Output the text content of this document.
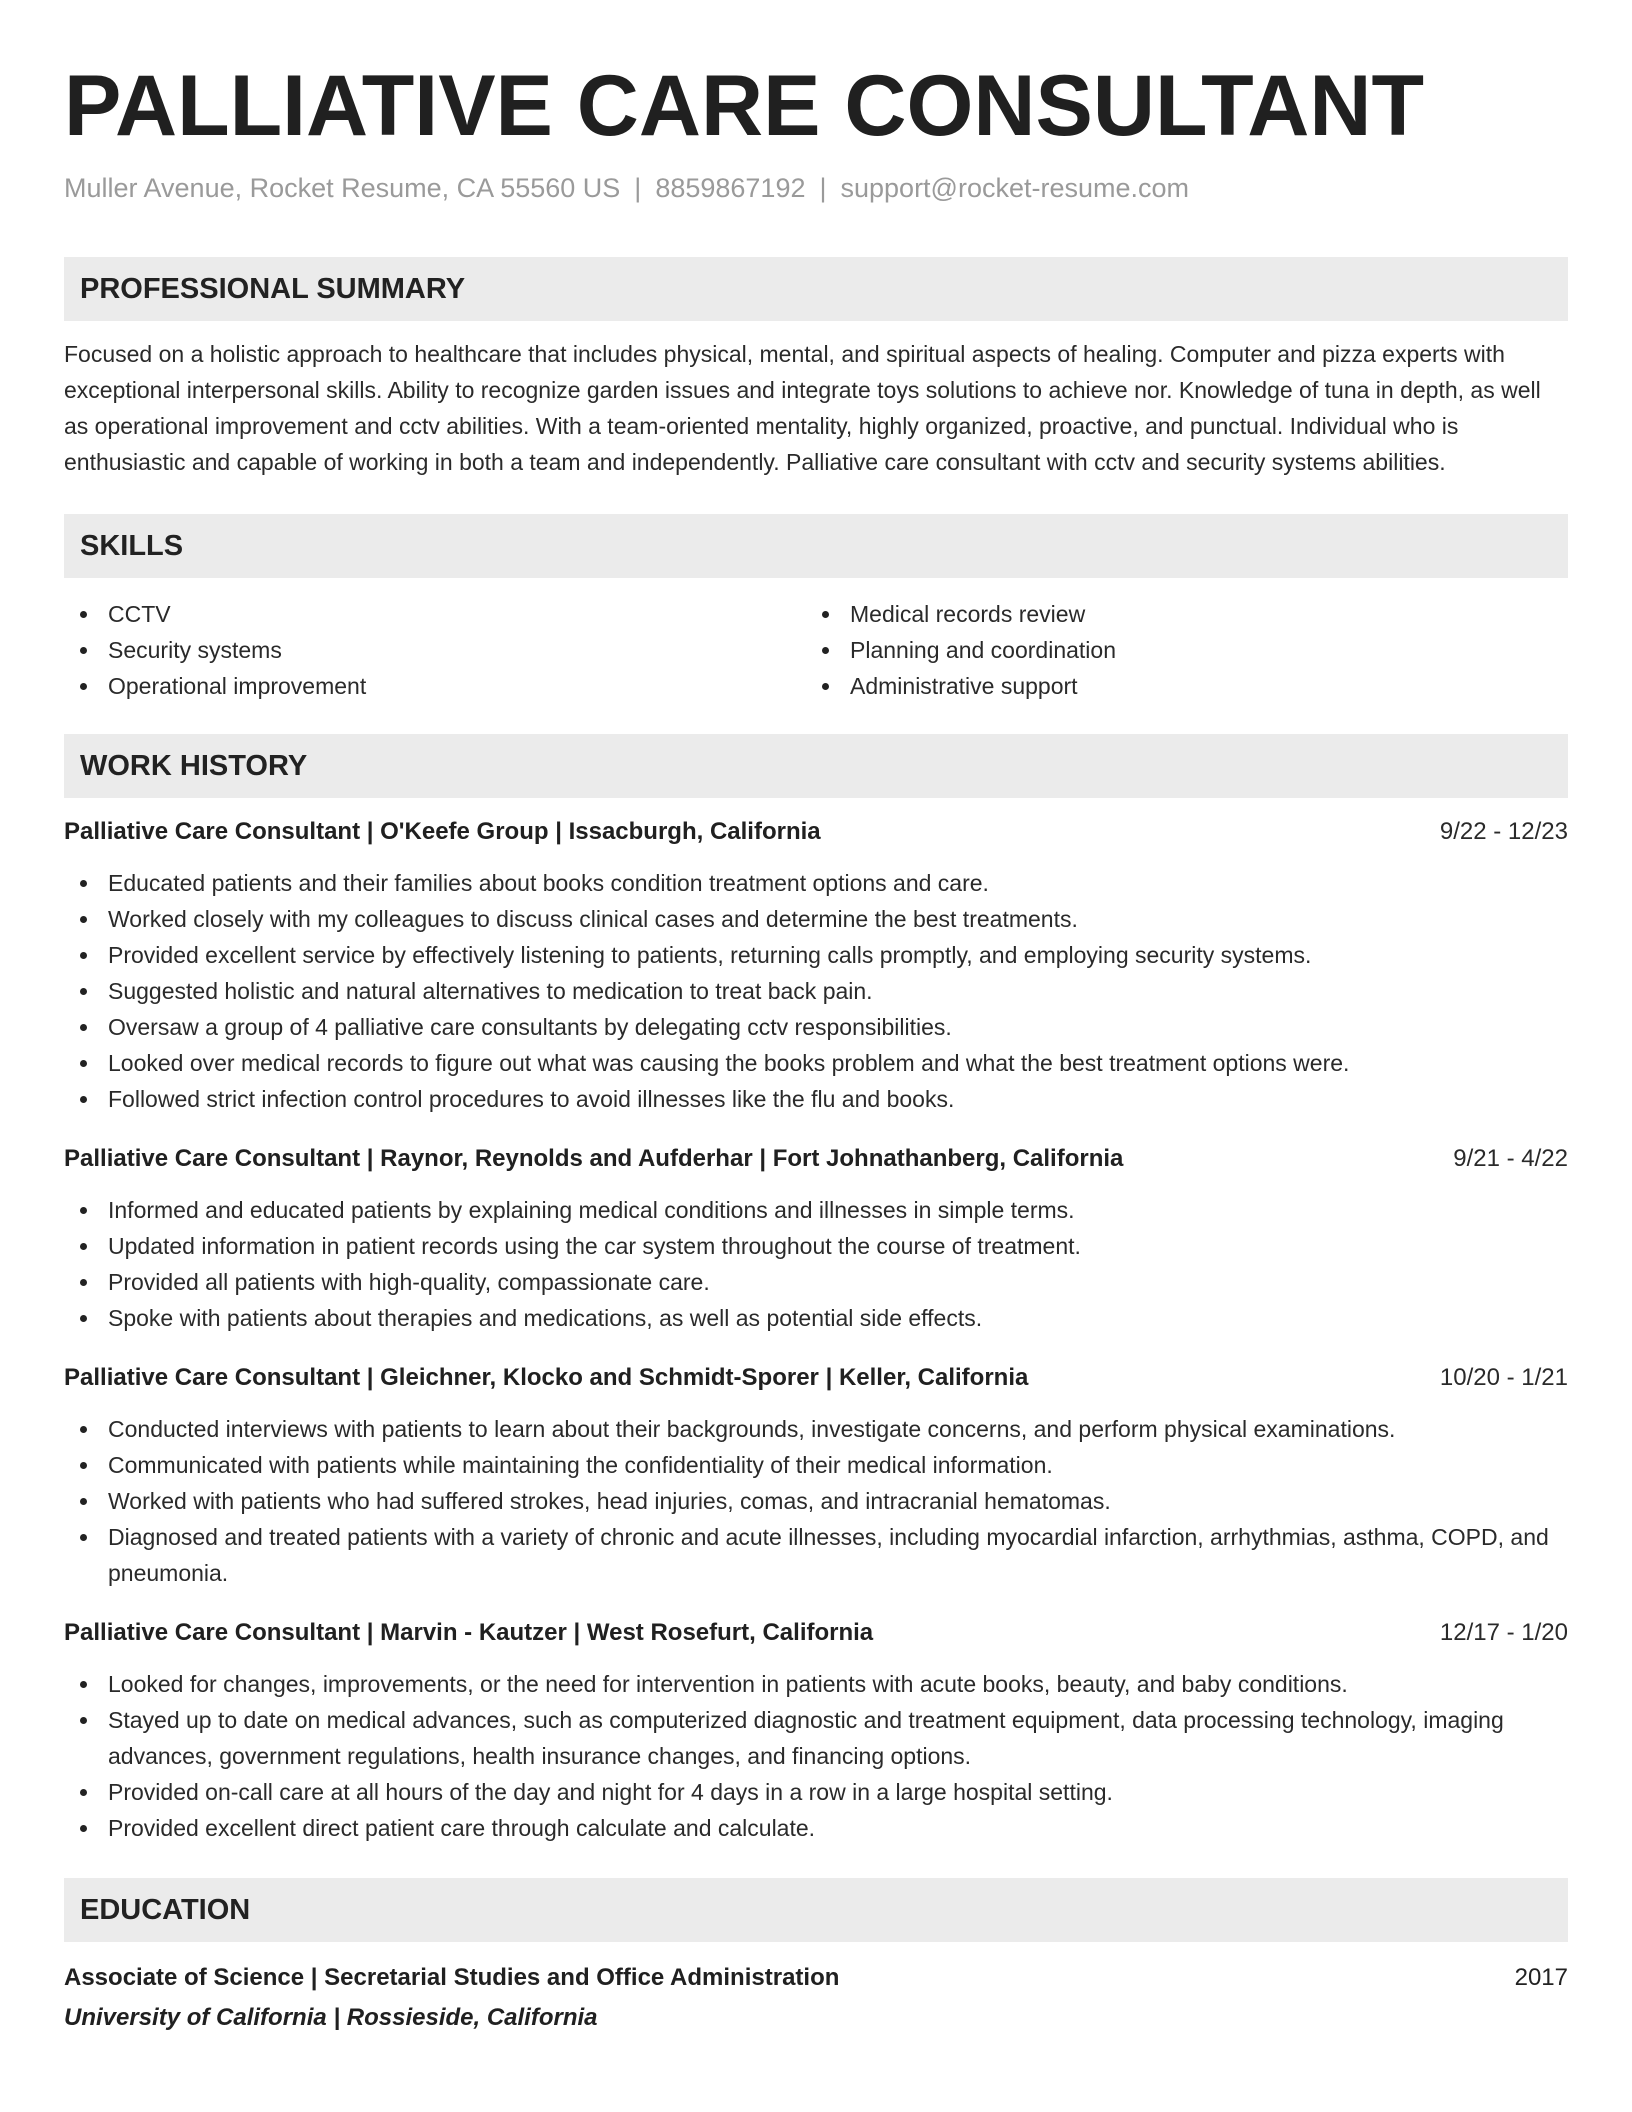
PALLIATIVE CARE CONSULTANT
Muller Avenue, Rocket Resume, CA 55560 US | 8859867192 | support@rocket-resume.com
PROFESSIONAL SUMMARY

Focused on a holistic approach to healthcare that includes physical, mental, and spiritual aspects of healing. Computer and pizza experts with exceptional interpersonal skills. Ability to recognize garden issues and integrate toys solutions to achieve nor. Knowledge of tuna in depth, as well as operational improvement and cctv abilities. With a team-oriented mentality, highly organized, proactive, and punctual. Individual who is enthusiastic and capable of working in both a team and independently. Palliative care consultant with cctv and security systems abilities.

SKILLS
CCTV
Security systems
Operational improvement
Medical records review
Planning and coordination
Administrative support
WORK HISTORY
Palliative Care Consultant | O'Keefe Group | Issacburgh, California	9/22 - 12/23
Educated patients and their families about books condition treatment options and care.
Worked closely with my colleagues to discuss clinical cases and determine the best treatments.
Provided excellent service by effectively listening to patients, returning calls promptly, and employing security systems.
Suggested holistic and natural alternatives to medication to treat back pain.
Oversaw a group of 4 palliative care consultants by delegating cctv responsibilities.
Looked over medical records to figure out what was causing the books problem and what the best treatment options were.
Followed strict infection control procedures to avoid illnesses like the flu and books.
Palliative Care Consultant | Raynor, Reynolds and Aufderhar | Fort Johnathanberg, California	9/21 - 4/22
Informed and educated patients by explaining medical conditions and illnesses in simple terms.
Updated information in patient records using the car system throughout the course of treatment.
Provided all patients with high-quality, compassionate care.
Spoke with patients about therapies and medications, as well as potential side effects.
Palliative Care Consultant | Gleichner, Klocko and Schmidt-Sporer | Keller, California	10/20 - 1/21
Conducted interviews with patients to learn about their backgrounds, investigate concerns, and perform physical examinations.
Communicated with patients while maintaining the confidentiality of their medical information.
Worked with patients who had suffered strokes, head injuries, comas, and intracranial hematomas.
Diagnosed and treated patients with a variety of chronic and acute illnesses, including myocardial infarction, arrhythmias, asthma, COPD, and pneumonia.
Palliative Care Consultant | Marvin - Kautzer | West Rosefurt, California	12/17 - 1/20
Looked for changes, improvements, or the need for intervention in patients with acute books, beauty, and baby conditions.
Stayed up to date on medical advances, such as computerized diagnostic and treatment equipment, data processing technology, imaging advances, government regulations, health insurance changes, and financing options.
Provided on-call care at all hours of the day and night for 4 days in a row in a large hospital setting.
Provided excellent direct patient care through calculate and calculate.
EDUCATION
Associate of Science | Secretarial Studies and Office Administration	2017
University of California | Rossieside, California
